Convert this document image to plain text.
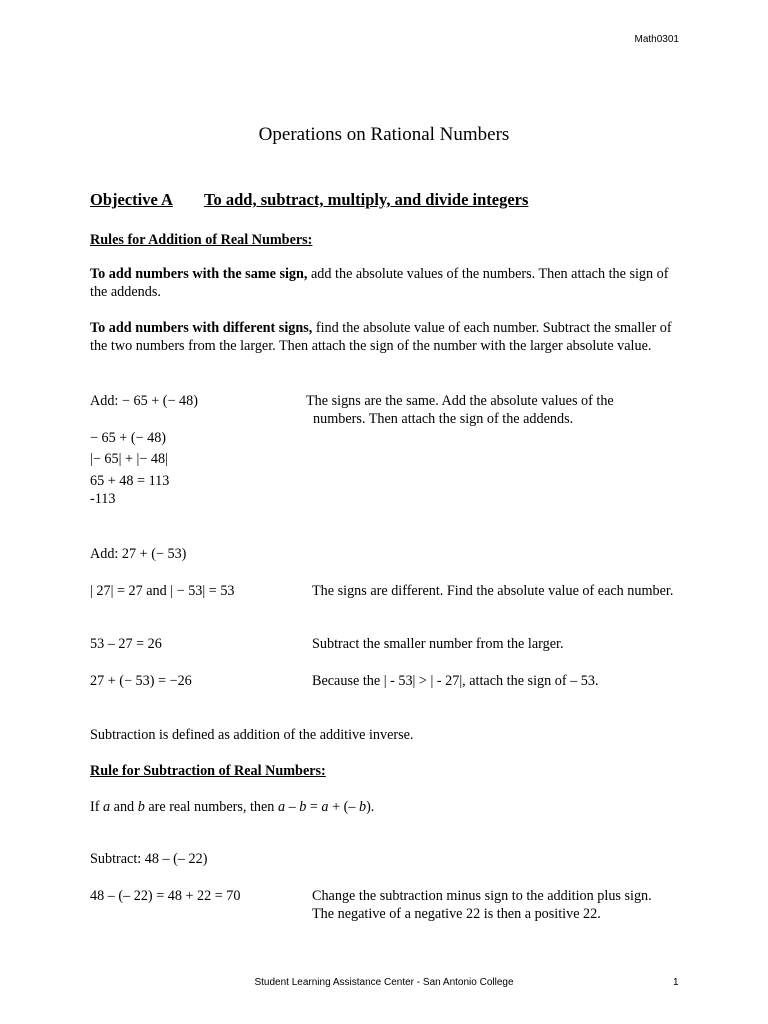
Math0301
Operations on Rational Numbers
Objective A To add, subtract, multiply, and divide integers
Rules for Addition of Real Numbers:
To add numbers with the same sign, add the absolute values of the numbers. Then attach the sign of the addends.
To add numbers with different signs, find the absolute value of each number. Subtract the smaller of the two numbers from the larger. Then attach the sign of the number with the larger absolute value.
Add: − 65 + (− 48)	The signs are the same. Add the absolute values of the
numbers. Then attach the sign of the addends.
− 65 + (− 48)
|− 65| + |− 48|
65 + 48 = 113
-113
Add: 27 + (− 53)
| 27| = 27 and | − 53| = 53	The signs are different. Find the absolute value of each number.
53 – 27 = 26	Subtract the smaller number from the larger.
27 + (− 53) = −26	Because the | - 53| > | - 27|, attach the sign of – 53.
Subtraction is defined as addition of the additive inverse.
Rule for Subtraction of Real Numbers:
If a and b are real numbers, then a – b = a + (– b).
Subtract: 48 – (– 22)
48 – (– 22) = 48 + 22 = 70	Change the subtraction minus sign to the addition plus sign.
The negative of a negative 22 is then a positive 22.
Student Learning Assistance Center - San Antonio College	1
